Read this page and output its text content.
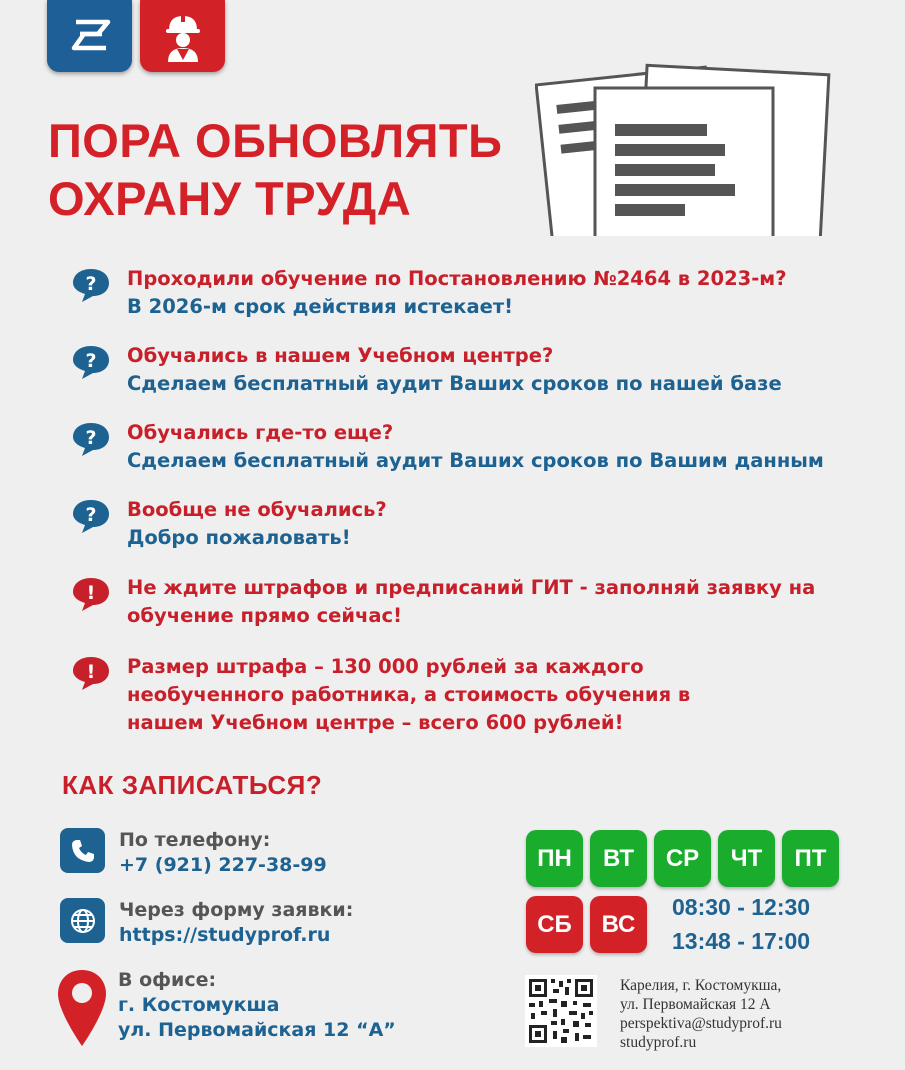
ПОРА ОБНОВЛЯТЬ
ОХРАНУ ТРУДА
? Проходили обучение по Постановлению №2464 в 2023-м?
В 2026-м срок действия истекает!
? Обучались в нашем Учебном центре?
Сделаем бесплатный аудит Ваших сроков по нашей базе
? Обучались где-то еще?
Сделаем бесплатный аудит Ваших сроков по Вашим данным
? Вообще не обучались?
Добро пожаловать!
! Не ждите штрафов и предписаний ГИТ - заполняй заявку на
обучение прямо сейчас!
! Размер штрафа – 130 000 рублей за каждого
необученного работника, а стоимость обучения в
нашем Учебном центре – всего 600 рублей!
КАК ЗАПИСАТЬСЯ?
По телефону:
+7 (921) 227-38-99
Через форму заявки:
https://studyprof.ru
В офисе:
г. Костомукша
ул. Первомайская 12 “А”
ПН	ВТ	СР	ЧТ	ПТ
СБ	ВС
08:30 - 12:30
13:48 - 17:00
Карелия, г. Костомукша,
ул. Первомайская 12 А
perspektiva@studyprof.ru
studyprof.ru
